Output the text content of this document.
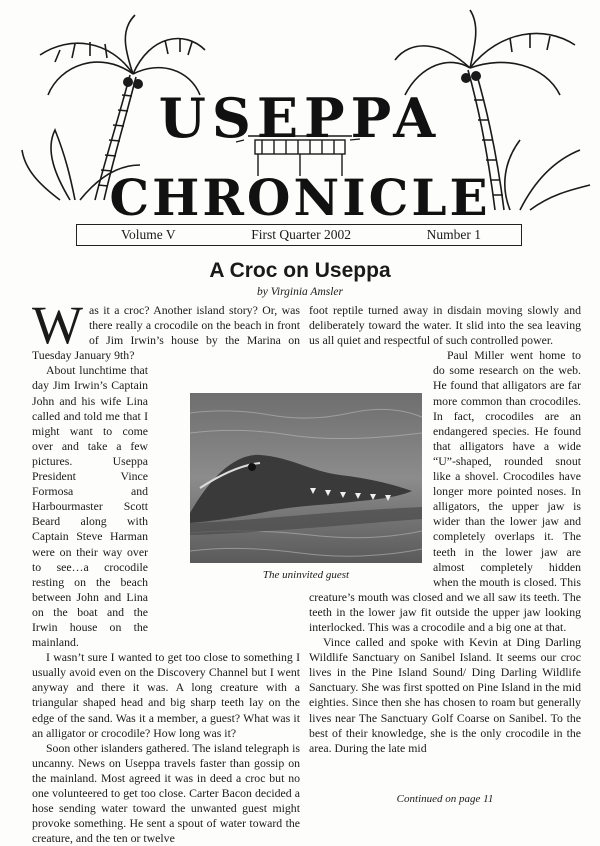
USEPPA
CHRONICLE
Volume V	First Quarter 2002	Number 1
A Croc on Useppa
by Virginia Amsler

Was it a croc? Another island story? Or, was there really a crocodile on the beach in front of Jim Irwin’s house by the Marina on Tuesday January 9th?

About lunchtime that day Jim Irwin’s Captain John and his wife Lina called and told me that I might want to come over and take a few pictures. Useppa President Vince Formosa and Harbourmaster Scott Beard along with Captain Steve Harman were on their way over to see…a crocodile resting on the beach between John and Lina on the boat and the Irwin house on the mainland.

I wasn’t sure I wanted to get too close to something I usually avoid even on the Discovery Channel but I went anyway and there it was. A long creature with a triangular shaped head and big sharp teeth lay on the edge of the sand. Was it a member, a guest? What was it an alligator or crocodile? How long was it?

Soon other islanders gathered. The island telegraph is uncanny. News on Useppa travels faster than gossip on the mainland. Most agreed it was in deed a croc but no one volunteered to get too close. Carter Bacon decided a hose sending water toward the unwanted guest might provoke something. He sent a spout of water toward the creature, and the ten or twelve

foot reptile turned away in disdain moving slowly and deliberately toward the water. It slid into the sea leaving us all quiet and respectful of such controlled power.

Paul Miller went home to do some research on the web. He found that alligators are far more common than crocodiles. In fact, crocodiles are an endangered species. He found that alligators have a wide “U”-shaped, rounded snout like a shovel. Crocodiles have longer more pointed noses. In alligators, the upper jaw is wider than the lower jaw and completely overlaps it. The teeth in the lower jaw are almost completely hidden when the mouth is closed. This creature’s mouth was closed and we all saw its teeth. The teeth in the lower jaw fit outside the upper jaw looking interlocked. This was a crocodile and a big one at that.

Vince called and spoke with Kevin at Ding Darling Wildlife Sanctuary on Sanibel Island. It seems our croc lives in the Pine Island Sound/ Ding Darling Wildlife Sanctuary. She was first spotted on Pine Island in the mid eighties. Since then she has chosen to roam but generally lives near The Sanctuary Golf Coarse on Sanibel. To the best of their knowledge, she is the only crocodile in the area. During the late mid

The uninvited guest
Continued on page 11
